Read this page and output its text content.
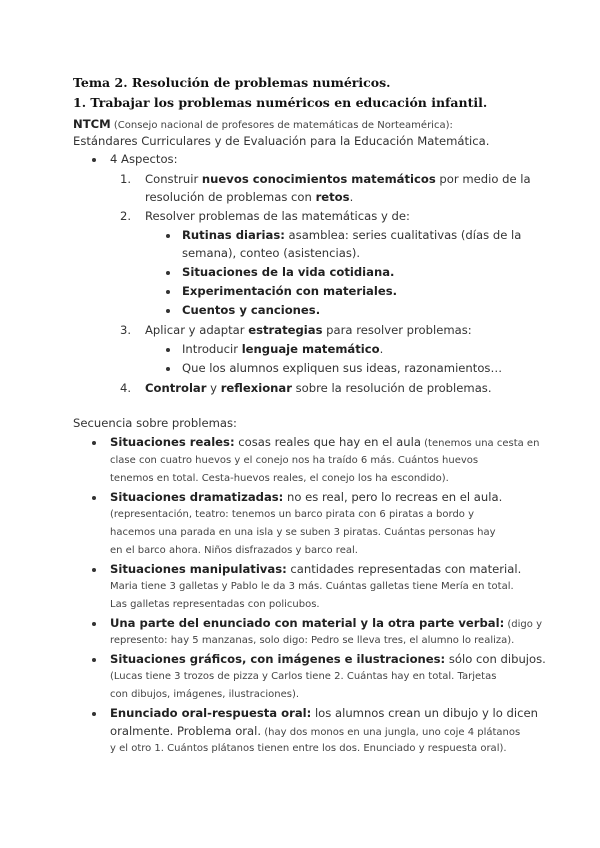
Tema 2. Resolución de problemas numéricos.
1. Trabajar los problemas numéricos en educación infantil.
NTCM (Consejo nacional de profesores de matemáticas de Norteamérica):
Estándares Curriculares y de Evaluación para la Educación Matemática.
4 Aspectos:
1. Construir nuevos conocimientos matemáticos por medio de la
resolución de problemas con retos.
2. Resolver problemas de las matemáticas y de:
Rutinas diarias: asamblea: series cualitativas (días de la
semana), conteo (asistencias).
Situaciones de la vida cotidiana.
Experimentación con materiales.
Cuentos y canciones.
3. Aplicar y adaptar estrategias para resolver problemas:
Introducir lenguaje matemático.
Que los alumnos expliquen sus ideas, razonamientos…
4. Controlar y reflexionar sobre la resolución de problemas.
Secuencia sobre problemas:
Situaciones reales: cosas reales que hay en el aula (tenemos una cesta en
clase con cuatro huevos y el conejo nos ha traído 6 más. Cuántos huevos
tenemos en total. Cesta-huevos reales, el conejo los ha escondido).
Situaciones dramatizadas: no es real, pero lo recreas en el aula.
(representación, teatro: tenemos un barco pirata con 6 piratas a bordo y
hacemos una parada en una isla y se suben 3 piratas. Cuántas personas hay
en el barco ahora. Niños disfrazados y barco real.
Situaciones manipulativas: cantidades representadas con material.
Maria tiene 3 galletas y Pablo le da 3 más. Cuántas galletas tiene Mería en total.
Las galletas representadas con policubos.
Una parte del enunciado con material y la otra parte verbal: (digo y
represento: hay 5 manzanas, solo digo: Pedro se lleva tres, el alumno lo realiza).
Situaciones gráficos, con imágenes e ilustraciones: sólo con dibujos.
(Lucas tiene 3 trozos de pizza y Carlos tiene 2. Cuántas hay en total. Tarjetas
con dibujos, imágenes, ilustraciones).
Enunciado oral-respuesta oral: los alumnos crean un dibujo y lo dicen
oralmente. Problema oral. (hay dos monos en una jungla, uno coje 4 plátanos
y el otro 1. Cuántos plátanos tienen entre los dos. Enunciado y respuesta oral).
